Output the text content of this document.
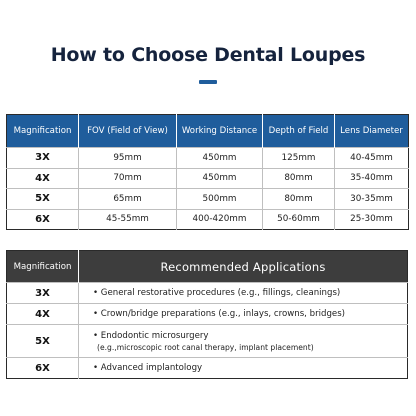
How to Choose Dental Loupes
Magnification	FOV (Field of View)	Working Distance	Depth of Field	Lens Diameter
3X	95mm	450mm	125mm	40-45mm
4X	70mm	450mm	80mm	35-40mm
5X	65mm	500mm	80mm	30-35mm
6X	45-55mm	400-420mm	50-60mm	25-30mm
Magnification	Recommended Applications
3X	• General restorative procedures (e.g., fillings, cleanings)
4X	• Crown/bridge preparations (e.g., inlays, crowns, bridges)
5X	• Endodontic microsurgery
(e.g.,microscopic root canal therapy, implant placement)

6X	• Advanced implantology
